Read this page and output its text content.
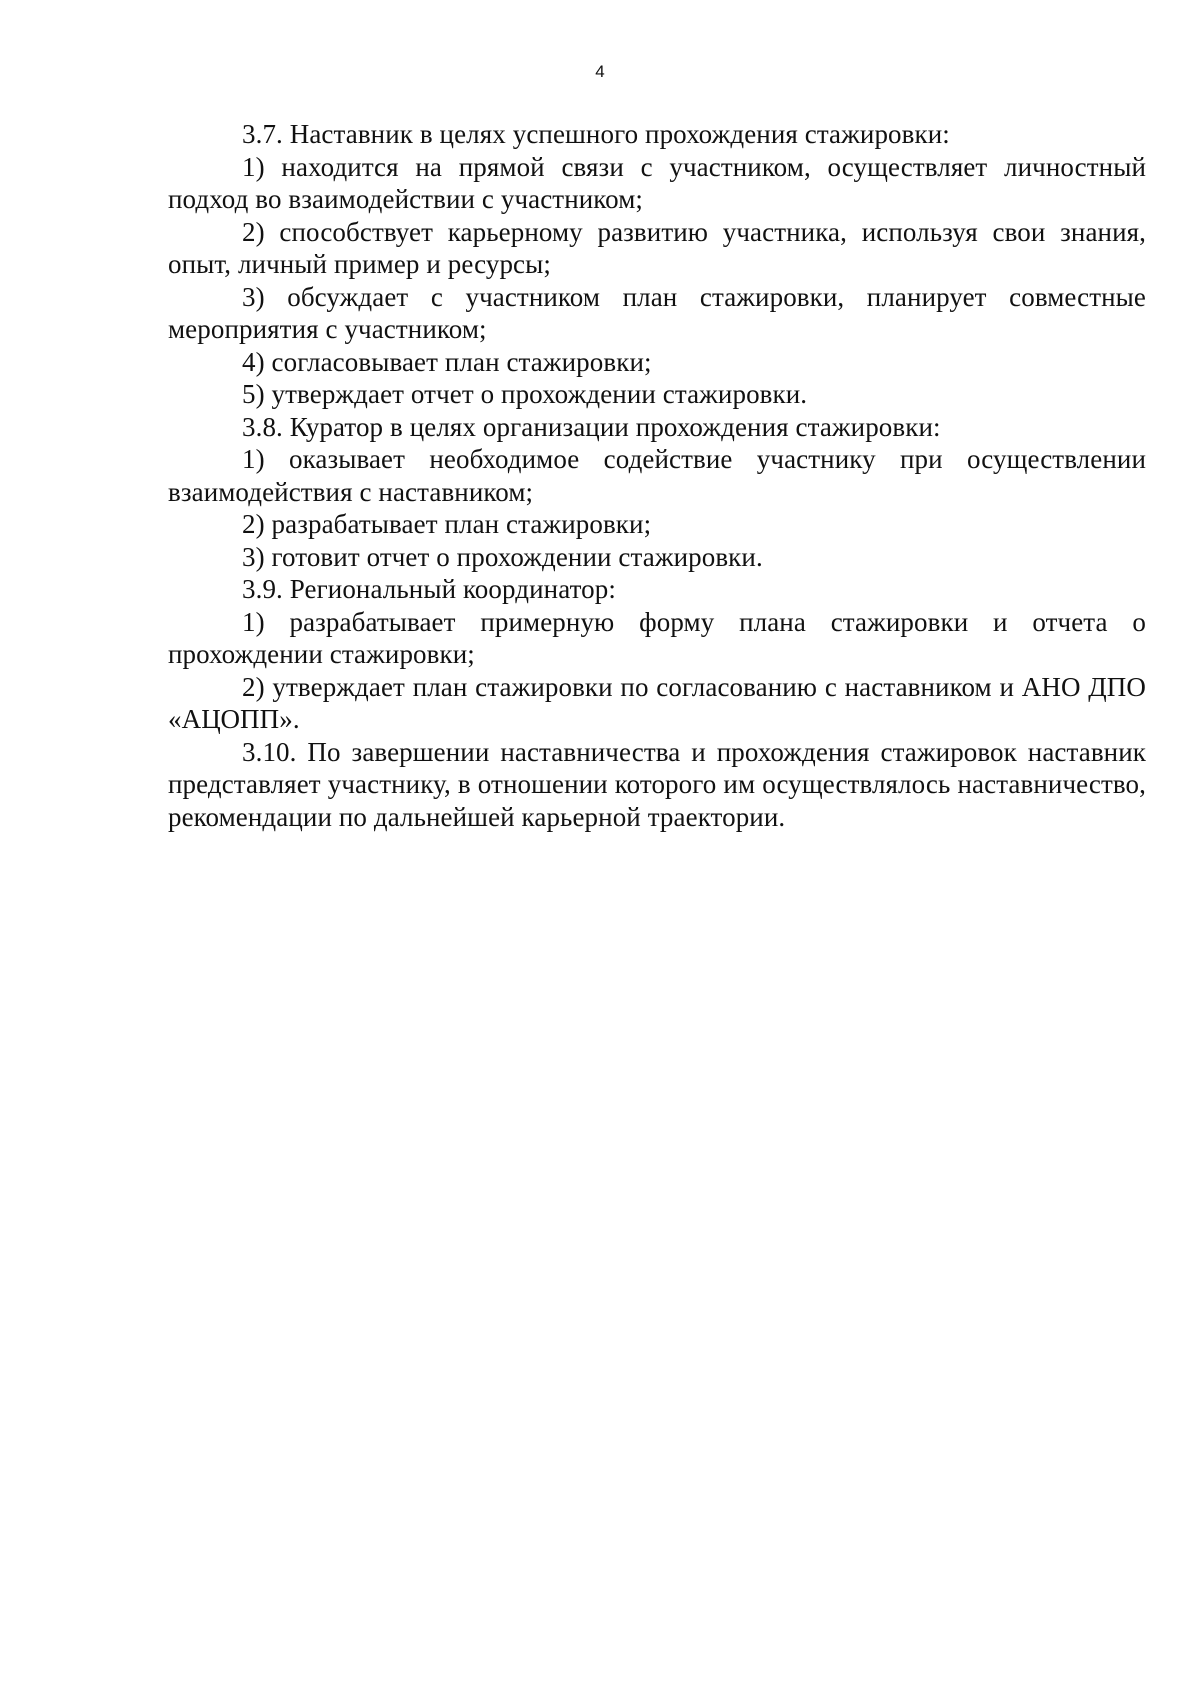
4

3.7. Наставник в целях успешного прохождения стажировки:

1) находится на прямой связи с участником, осуществляет личностный подход во взаимодействии с участником;

2) способствует карьерному развитию участника, используя свои знания, опыт, личный пример и ресурсы;

3) обсуждает с участником план стажировки, планирует совместные мероприятия с участником;

4) согласовывает план стажировки;

5) утверждает отчет о прохождении стажировки.

3.8. Куратор в целях организации прохождения стажировки:

1) оказывает необходимое содействие участнику при осуществлении взаимодействия с наставником;

2) разрабатывает план стажировки;

3) готовит отчет о прохождении стажировки.

3.9. Региональный координатор:

1) разрабатывает примерную форму плана стажировки и отчета о прохождении стажировки;

2) утверждает план стажировки по согласованию с наставником и АНО ДПО «АЦОПП».

3.10. По завершении наставничества и прохождения стажировок наставник представляет участнику, в отношении которого им осуществлялось наставничество, рекомендации по дальнейшей карьерной траектории.
